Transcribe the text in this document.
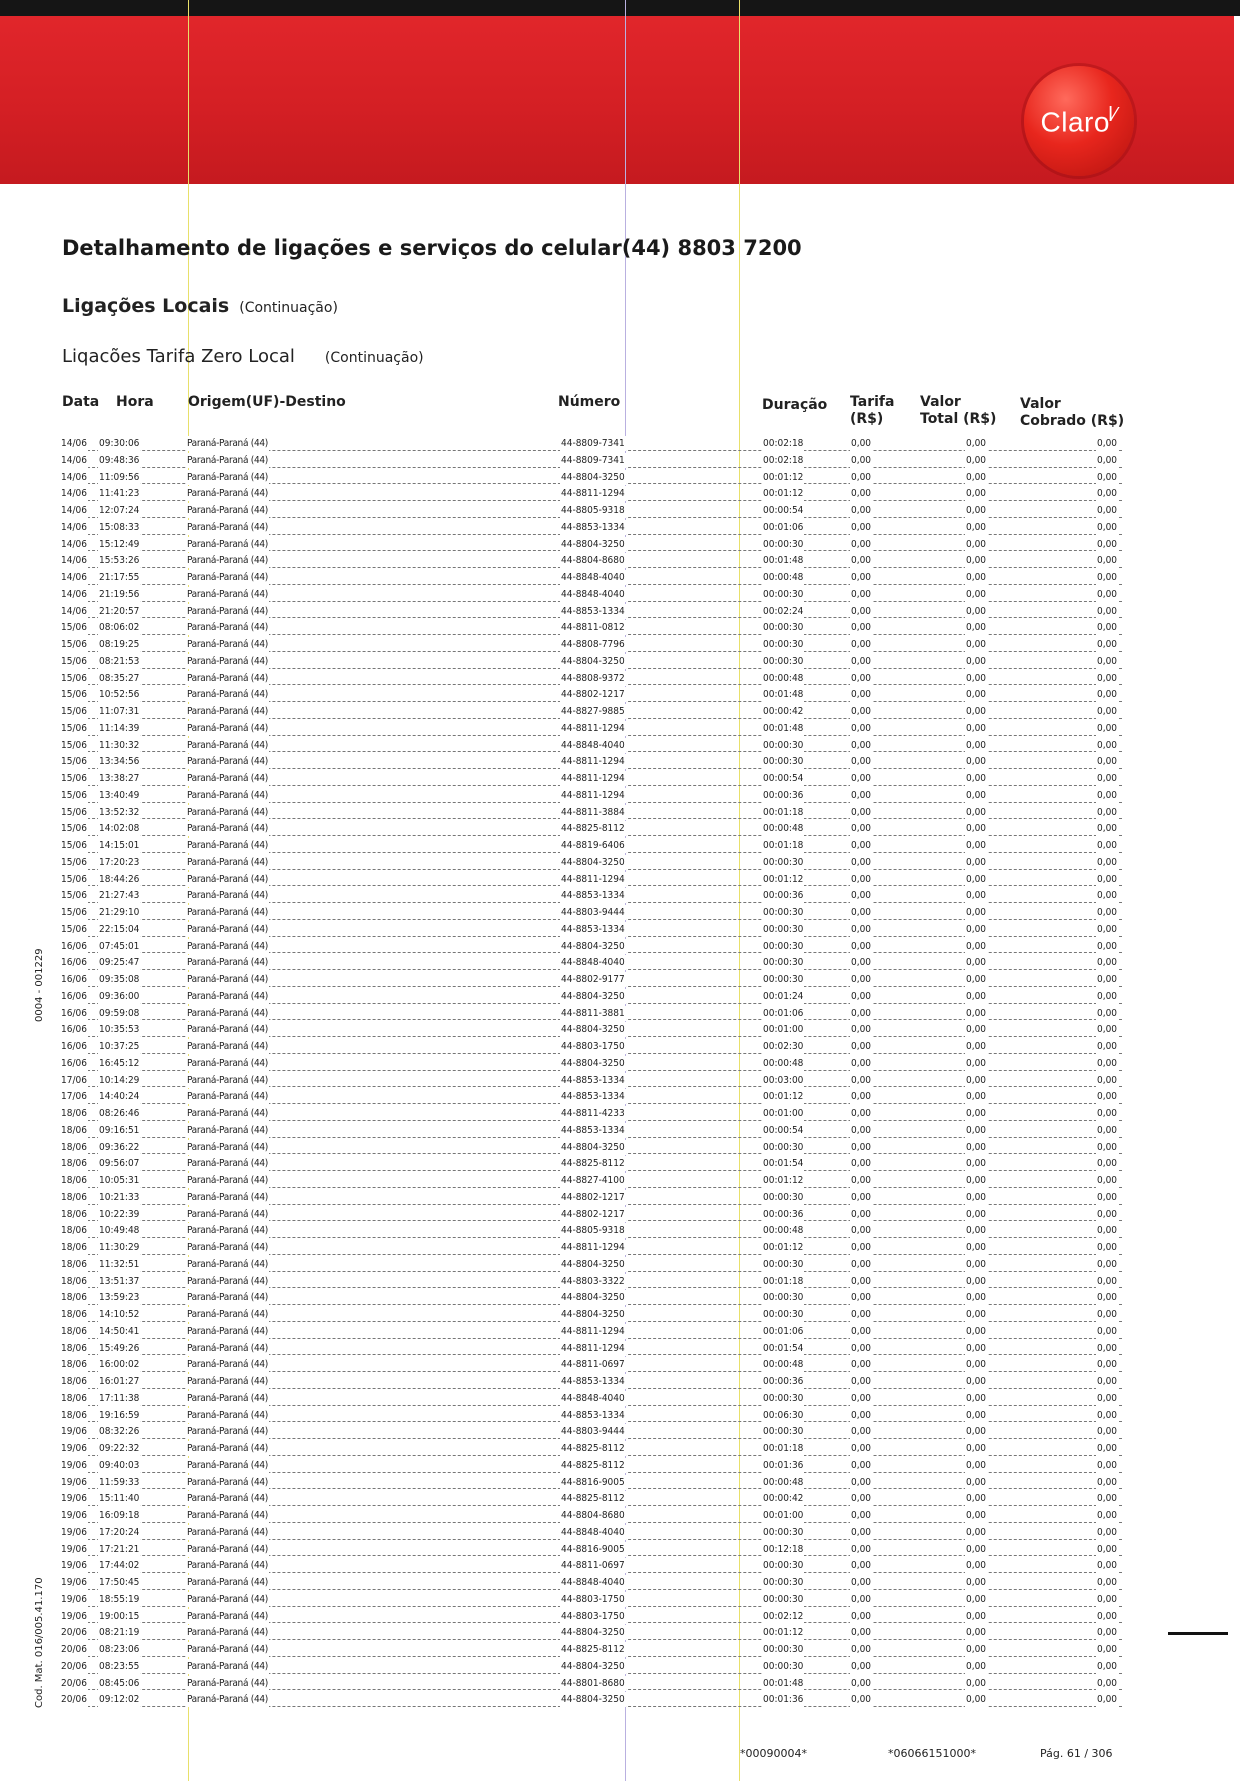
Claro$^{ǀ⁄}$
0004 - 001229
Cod. Mat. 016/005.41.170
Detalhamento de ligações e serviços do celular(44) 8803 7200
Ligações Locais (Continuação)
Liqacões Tarifa Zero Local (Continuação)
Data Hora Origem(UF)-Destino	Número	Duração Tarifa
(R$)
Valor
Total (R$)
Valor
Cobrado (R$)
14/06 09:30:06	Paraná-Paraná (44)	44-8809-7341	00:02:18	0,00	0,00	0,00
14/06 09:48:36	Paraná-Paraná (44)	44-8809-7341	00:02:18	0,00	0,00	0,00
14/06 11:09:56	Paraná-Paraná (44)	44-8804-3250	00:01:12	0,00	0,00	0,00
14/06 11:41:23	Paraná-Paraná (44)	44-8811-1294	00:01:12	0,00	0,00	0,00
14/06 12:07:24	Paraná-Paraná (44)	44-8805-9318	00:00:54	0,00	0,00	0,00
14/06 15:08:33	Paraná-Paraná (44)	44-8853-1334	00:01:06	0,00	0,00	0,00
14/06 15:12:49	Paraná-Paraná (44)	44-8804-3250	00:00:30	0,00	0,00	0,00
14/06 15:53:26	Paraná-Paraná (44)	44-8804-8680	00:01:48	0,00	0,00	0,00
14/06 21:17:55	Paraná-Paraná (44)	44-8848-4040	00:00:48	0,00	0,00	0,00
14/06 21:19:56	Paraná-Paraná (44)	44-8848-4040	00:00:30	0,00	0,00	0,00
14/06 21:20:57	Paraná-Paraná (44)	44-8853-1334	00:02:24	0,00	0,00	0,00
15/06 08:06:02	Paraná-Paraná (44)	44-8811-0812	00:00:30	0,00	0,00	0,00
15/06 08:19:25	Paraná-Paraná (44)	44-8808-7796	00:00:30	0,00	0,00	0,00
15/06 08:21:53	Paraná-Paraná (44)	44-8804-3250	00:00:30	0,00	0,00	0,00
15/06 08:35:27	Paraná-Paraná (44)	44-8808-9372	00:00:48	0,00	0,00	0,00
15/06 10:52:56	Paraná-Paraná (44)	44-8802-1217	00:01:48	0,00	0,00	0,00
15/06 11:07:31	Paraná-Paraná (44)	44-8827-9885	00:00:42	0,00	0,00	0,00
15/06 11:14:39	Paraná-Paraná (44)	44-8811-1294	00:01:48	0,00	0,00	0,00
15/06 11:30:32	Paraná-Paraná (44)	44-8848-4040	00:00:30	0,00	0,00	0,00
15/06 13:34:56	Paraná-Paraná (44)	44-8811-1294	00:00:30	0,00	0,00	0,00
15/06 13:38:27	Paraná-Paraná (44)	44-8811-1294	00:00:54	0,00	0,00	0,00
15/06 13:40:49	Paraná-Paraná (44)	44-8811-1294	00:00:36	0,00	0,00	0,00
15/06 13:52:32	Paraná-Paraná (44)	44-8811-3884	00:01:18	0,00	0,00	0,00
15/06 14:02:08	Paraná-Paraná (44)	44-8825-8112	00:00:48	0,00	0,00	0,00
15/06 14:15:01	Paraná-Paraná (44)	44-8819-6406	00:01:18	0,00	0,00	0,00
15/06 17:20:23	Paraná-Paraná (44)	44-8804-3250	00:00:30	0,00	0,00	0,00
15/06 18:44:26	Paraná-Paraná (44)	44-8811-1294	00:01:12	0,00	0,00	0,00
15/06 21:27:43	Paraná-Paraná (44)	44-8853-1334	00:00:36	0,00	0,00	0,00
15/06 21:29:10	Paraná-Paraná (44)	44-8803-9444	00:00:30	0,00	0,00	0,00
15/06 22:15:04	Paraná-Paraná (44)	44-8853-1334	00:00:30	0,00	0,00	0,00
16/06 07:45:01	Paraná-Paraná (44)	44-8804-3250	00:00:30	0,00	0,00	0,00
16/06 09:25:47	Paraná-Paraná (44)	44-8848-4040	00:00:30	0,00	0,00	0,00
16/06 09:35:08	Paraná-Paraná (44)	44-8802-9177	00:00:30	0,00	0,00	0,00
16/06 09:36:00	Paraná-Paraná (44)	44-8804-3250	00:01:24	0,00	0,00	0,00
16/06 09:59:08	Paraná-Paraná (44)	44-8811-3881	00:01:06	0,00	0,00	0,00
16/06 10:35:53	Paraná-Paraná (44)	44-8804-3250	00:01:00	0,00	0,00	0,00
16/06 10:37:25	Paraná-Paraná (44)	44-8803-1750	00:02:30	0,00	0,00	0,00
16/06 16:45:12	Paraná-Paraná (44)	44-8804-3250	00:00:48	0,00	0,00	0,00
17/06 10:14:29	Paraná-Paraná (44)	44-8853-1334	00:03:00	0,00	0,00	0,00
17/06 14:40:24	Paraná-Paraná (44)	44-8853-1334	00:01:12	0,00	0,00	0,00
18/06 08:26:46	Paraná-Paraná (44)	44-8811-4233	00:01:00	0,00	0,00	0,00
18/06 09:16:51	Paraná-Paraná (44)	44-8853-1334	00:00:54	0,00	0,00	0,00
18/06 09:36:22	Paraná-Paraná (44)	44-8804-3250	00:00:30	0,00	0,00	0,00
18/06 09:56:07	Paraná-Paraná (44)	44-8825-8112	00:01:54	0,00	0,00	0,00
18/06 10:05:31	Paraná-Paraná (44)	44-8827-4100	00:01:12	0,00	0,00	0,00
18/06 10:21:33	Paraná-Paraná (44)	44-8802-1217	00:00:30	0,00	0,00	0,00
18/06 10:22:39	Paraná-Paraná (44)	44-8802-1217	00:00:36	0,00	0,00	0,00
18/06 10:49:48	Paraná-Paraná (44)	44-8805-9318	00:00:48	0,00	0,00	0,00
18/06 11:30:29	Paraná-Paraná (44)	44-8811-1294	00:01:12	0,00	0,00	0,00
18/06 11:32:51	Paraná-Paraná (44)	44-8804-3250	00:00:30	0,00	0,00	0,00
18/06 13:51:37	Paraná-Paraná (44)	44-8803-3322	00:01:18	0,00	0,00	0,00
18/06 13:59:23	Paraná-Paraná (44)	44-8804-3250	00:00:30	0,00	0,00	0,00
18/06 14:10:52	Paraná-Paraná (44)	44-8804-3250	00:00:30	0,00	0,00	0,00
18/06 14:50:41	Paraná-Paraná (44)	44-8811-1294	00:01:06	0,00	0,00	0,00
18/06 15:49:26	Paraná-Paraná (44)	44-8811-1294	00:01:54	0,00	0,00	0,00
18/06 16:00:02	Paraná-Paraná (44)	44-8811-0697	00:00:48	0,00	0,00	0,00
18/06 16:01:27	Paraná-Paraná (44)	44-8853-1334	00:00:36	0,00	0,00	0,00
18/06 17:11:38	Paraná-Paraná (44)	44-8848-4040	00:00:30	0,00	0,00	0,00
18/06 19:16:59	Paraná-Paraná (44)	44-8853-1334	00:06:30	0,00	0,00	0,00
19/06 08:32:26	Paraná-Paraná (44)	44-8803-9444	00:00:30	0,00	0,00	0,00
19/06 09:22:32	Paraná-Paraná (44)	44-8825-8112	00:01:18	0,00	0,00	0,00
19/06 09:40:03	Paraná-Paraná (44)	44-8825-8112	00:01:36	0,00	0,00	0,00
19/06 11:59:33	Paraná-Paraná (44)	44-8816-9005	00:00:48	0,00	0,00	0,00
19/06 15:11:40	Paraná-Paraná (44)	44-8825-8112	00:00:42	0,00	0,00	0,00
19/06 16:09:18	Paraná-Paraná (44)	44-8804-8680	00:01:00	0,00	0,00	0,00
19/06 17:20:24	Paraná-Paraná (44)	44-8848-4040	00:00:30	0,00	0,00	0,00
19/06 17:21:21	Paraná-Paraná (44)	44-8816-9005	00:12:18	0,00	0,00	0,00
19/06 17:44:02	Paraná-Paraná (44)	44-8811-0697	00:00:30	0,00	0,00	0,00
19/06 17:50:45	Paraná-Paraná (44)	44-8848-4040	00:00:30	0,00	0,00	0,00
19/06 18:55:19	Paraná-Paraná (44)	44-8803-1750	00:00:30	0,00	0,00	0,00
19/06 19:00:15	Paraná-Paraná (44)	44-8803-1750	00:02:12	0,00	0,00	0,00
20/06 08:21:19	Paraná-Paraná (44)	44-8804-3250	00:01:12	0,00	0,00	0,00
20/06 08:23:06	Paraná-Paraná (44)	44-8825-8112	00:00:30	0,00	0,00	0,00
20/06 08:23:55	Paraná-Paraná (44)	44-8804-3250	00:00:30	0,00	0,00	0,00
20/06 08:45:06	Paraná-Paraná (44)	44-8801-8680	00:01:48	0,00	0,00	0,00
20/06 09:12:02	Paraná-Paraná (44)	44-8804-3250	00:01:36	0,00	0,00	0,00
*00090004*	*06066151000*	Pág. 61 / 306
